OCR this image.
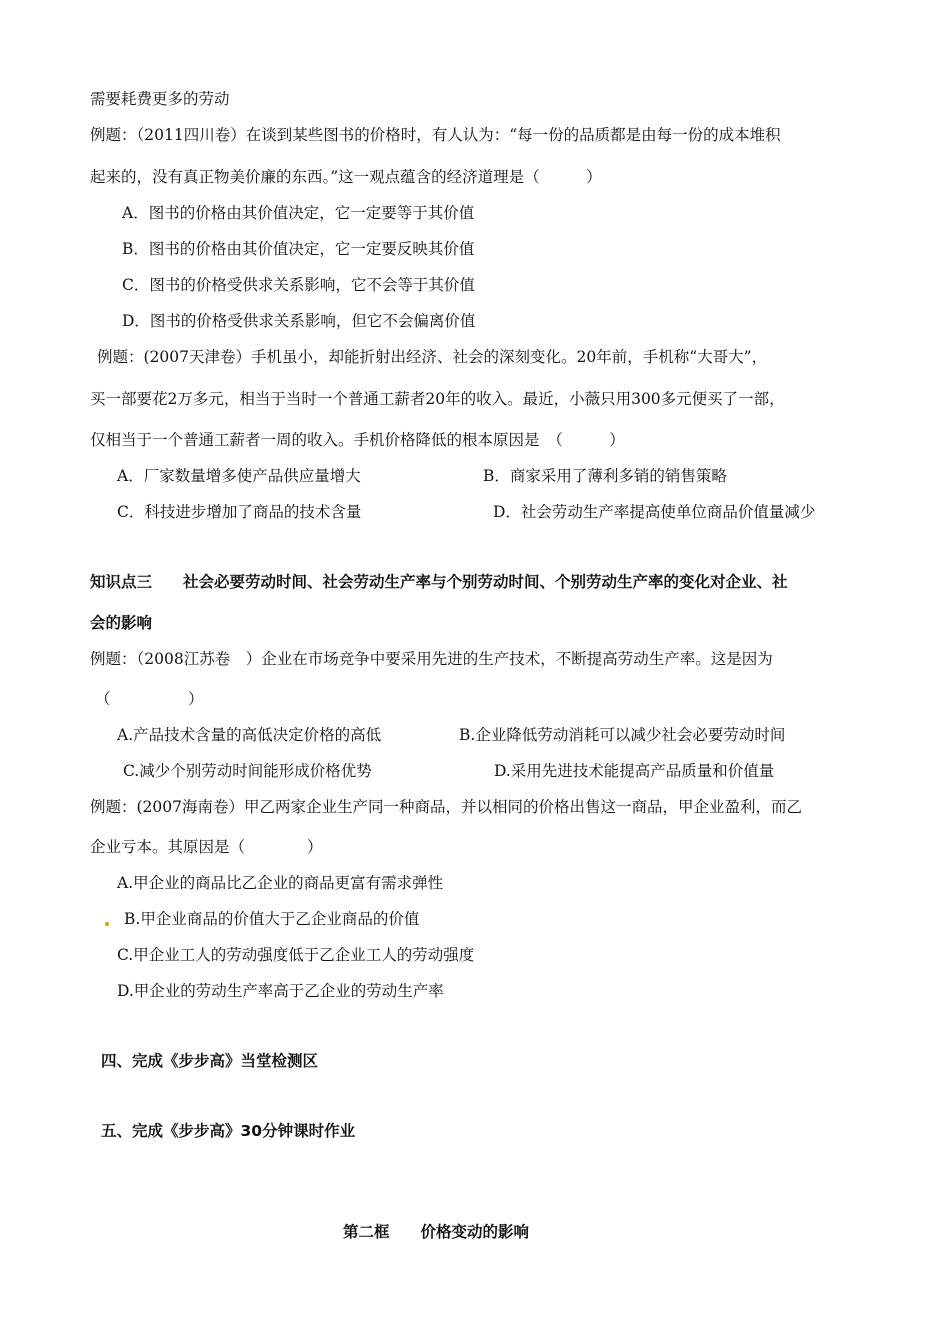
需要耗费更多的劳动
例题：（2011四川卷）在谈到某些图书的价格时，有人认为：“每一份的品质都是由每一份的成本堆积
起来的，没有真正物美价廉的东西。”这一观点蕴含的经济道理是（　　　）
A．图书的价格由其价值决定，它一定要等于其价值
B．图书的价格由其价值决定，它一定要反映其价值
C．图书的价格受供求关系影响，它不会等于其价值
D．图书的价格受供求关系影响，但它不会偏离价值
例题：(2007天津卷）手机虽小，却能折射出经济、社会的深刻变化。20年前，手机称“大哥大”，
买一部要花2万多元，相当于当时一个普通工薪者20年的收入。最近，小薇只用300多元便买了一部，
仅相当于一个普通工薪者一周的收入。手机价格降低的根本原因是　（　　　）
A．厂家数量增多使产品供应量增大	B．商家采用了薄利多销的销售策略
C．科技进步增加了商品的技术含量	D．社会劳动生产率提高使单位商品价值量减少
知识点三　　社会必要劳动时间、社会劳动生产率与个别劳动时间、个别劳动生产率的变化对企业、社
会的影响
例题：（2008江苏卷　）企业在市场竞争中要采用先进的生产技术，不断提高劳动生产率。这是因为
（　　　　　）
A.产品技术含量的高低决定价格的高低	B.企业降低劳动消耗可以减少社会必要劳动时间
C.减少个别劳动时间能形成价格优势	D.采用先进技术能提高产品质量和价值量
例题：(2007海南卷）甲乙两家企业生产同一种商品，并以相同的价格出售这一商品，甲企业盈利，而乙
企业亏本。其原因是（　　　　）
A.甲企业的商品比乙企业的商品更富有需求弹性
B.甲企业商品的价值大于乙企业商品的价值
C.甲企业工人的劳动强度低于乙企业工人的劳动强度
D.甲企业的劳动生产率高于乙企业的劳动生产率
四、完成《步步高》当堂检测区
五、完成《步步高》30分钟课时作业
第二框　　价格变动的影响
